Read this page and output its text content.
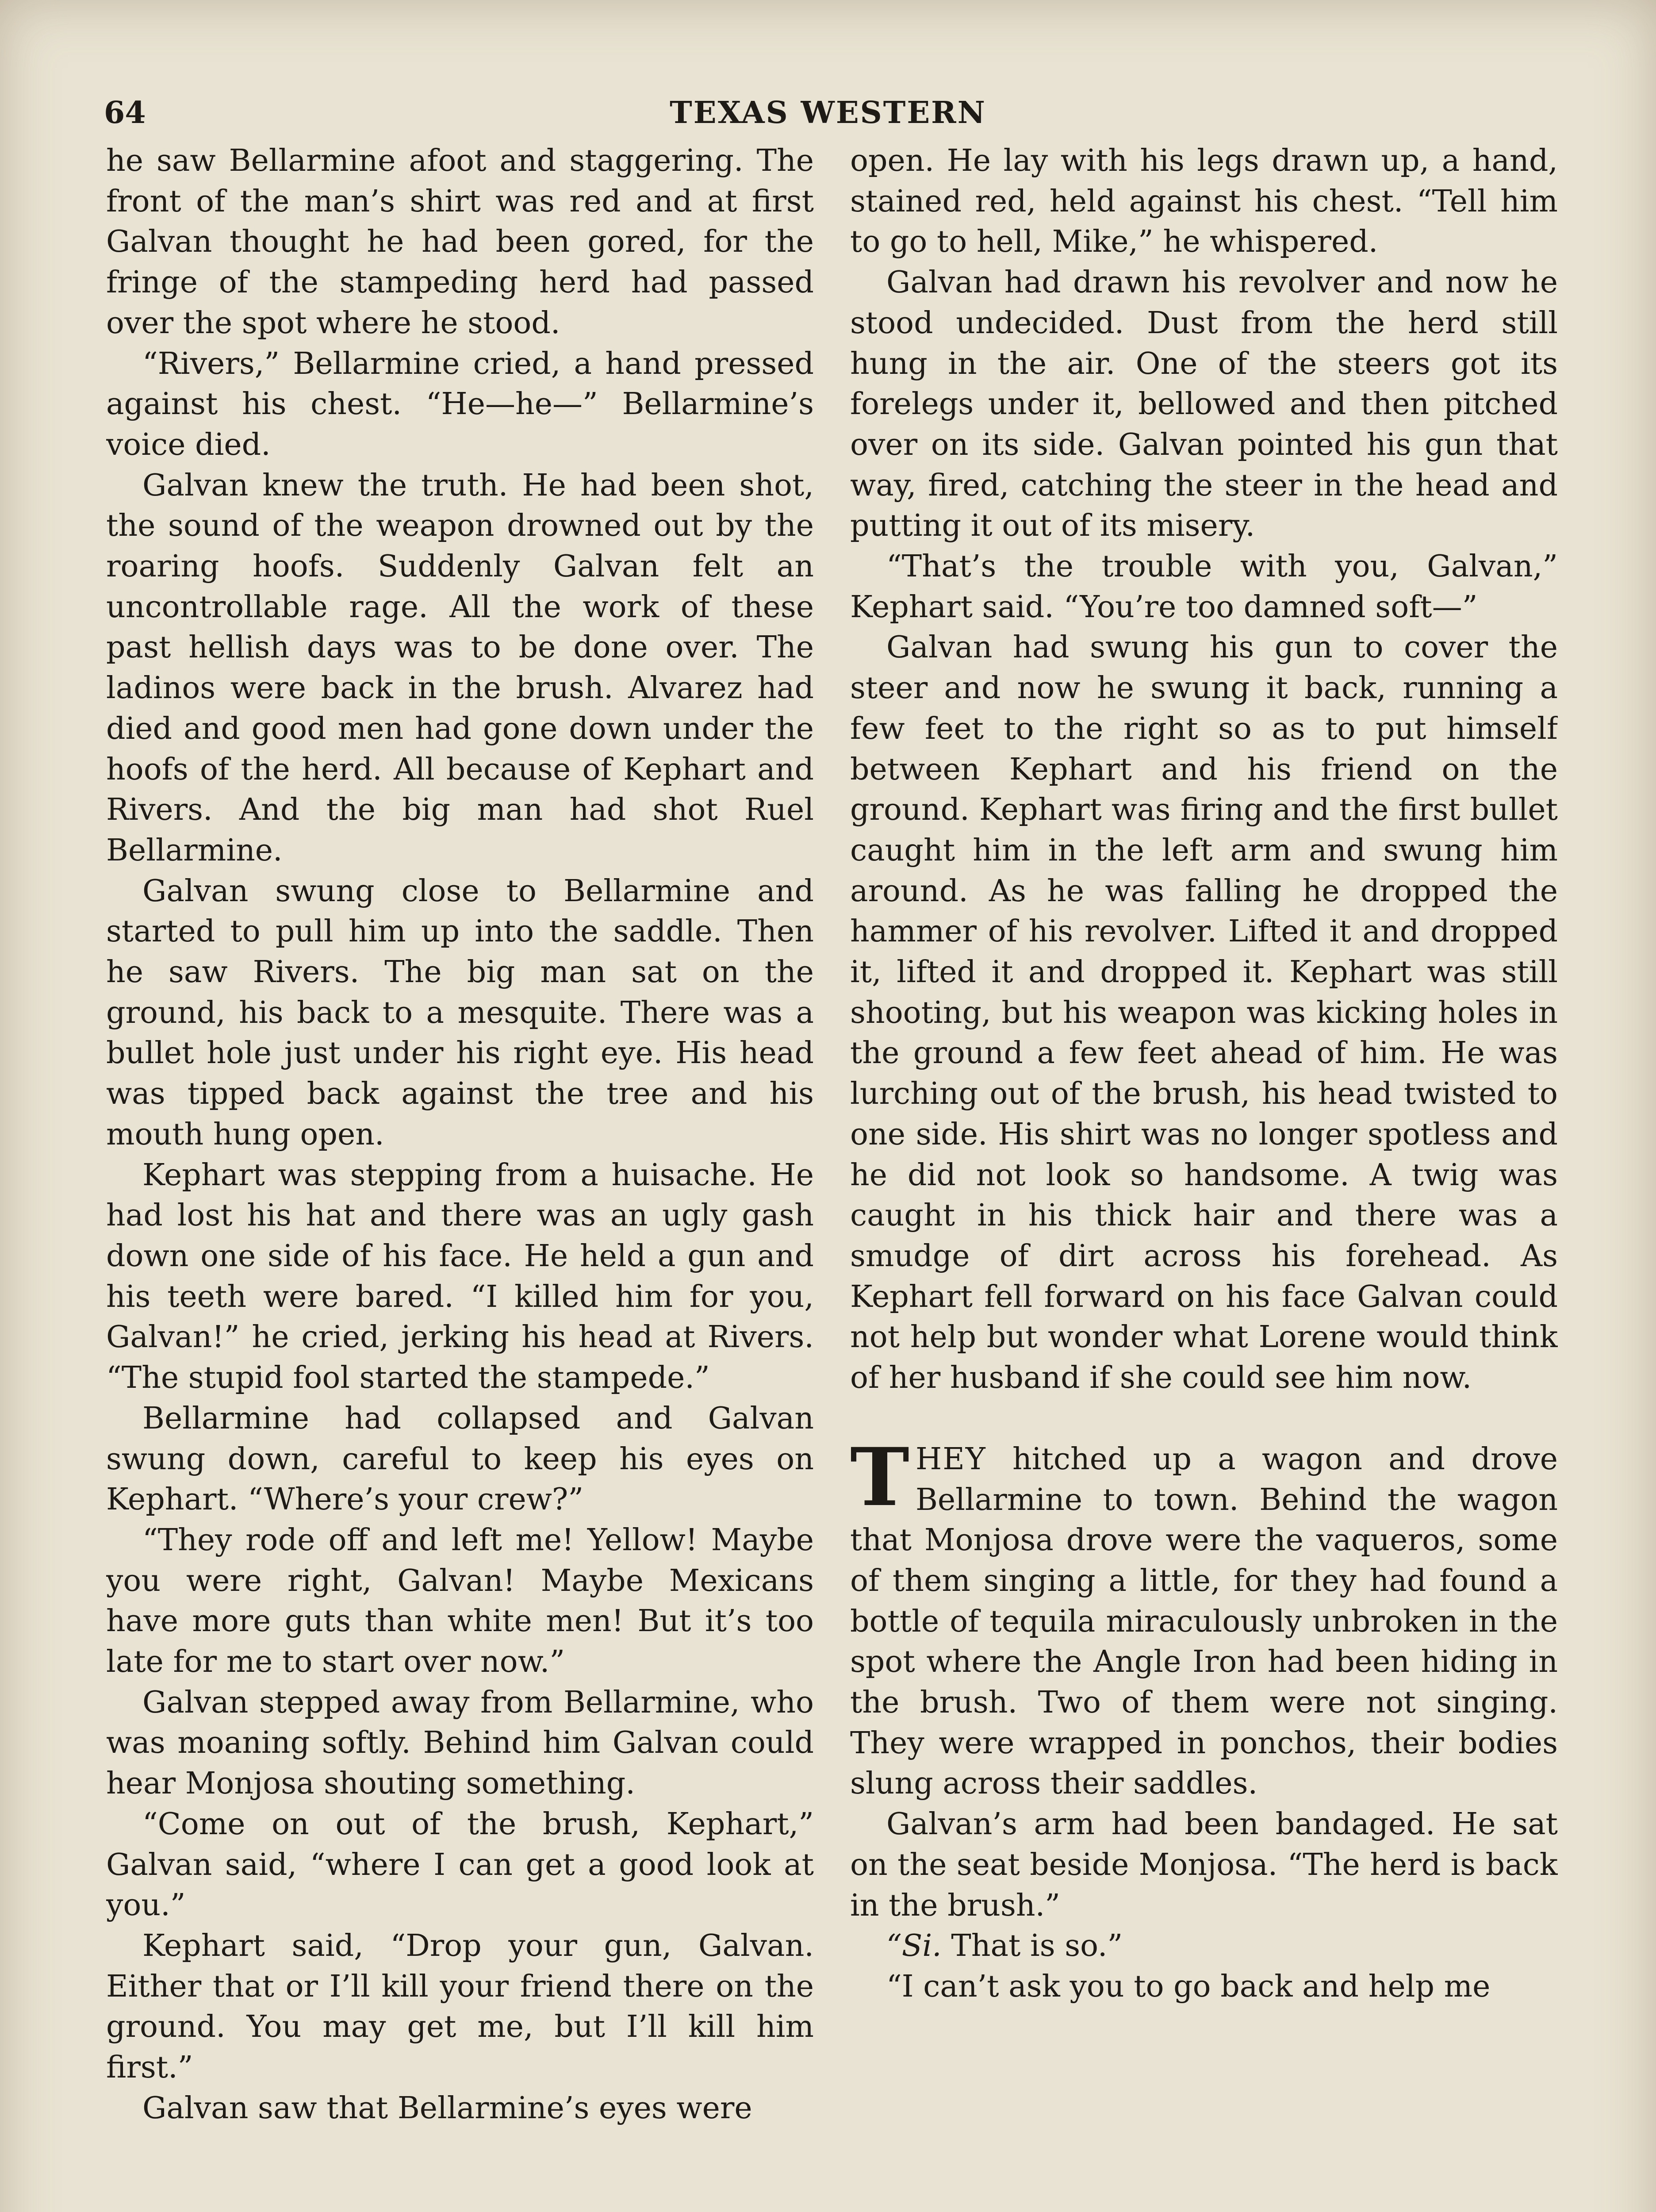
64	TEXAS WESTERN

he saw Bellarmine afoot and staggering. The front of the man’s shirt was red and at first Galvan thought he had been gored, for the fringe of the stampeding herd had passed over the spot where he stood.

“Rivers,” Bellarmine cried, a hand pressed against his chest. “He—he—” Bellarmine’s voice died.

Galvan knew the truth. He had been shot, the sound of the weapon drowned out by the roaring hoofs. Suddenly Galvan felt an uncontrollable rage. All the work of these past hellish days was to be done over. The ladinos were back in the brush. Alvarez had died and good men had gone down under the hoofs of the herd. All because of Kephart and Rivers. And the big man had shot Ruel Bellarmine.

Galvan swung close to Bellarmine and started to pull him up into the saddle. Then he saw Rivers. The big man sat on the ground, his back to a mesquite. There was a bullet hole just under his right eye. His head was tipped back against the tree and his mouth hung open.

Kephart was stepping from a huisache. He had lost his hat and there was an ugly gash down one side of his face. He held a gun and his teeth were bared. “I killed him for you, Galvan!” he cried, jerking his head at Rivers. “The stupid fool started the stampede.”

Bellarmine had collapsed and Galvan swung down, careful to keep his eyes on Kephart. “Where’s your crew?”

“They rode off and left me! Yellow! Maybe you were right, Galvan! Maybe Mexicans have more guts than white men! But it’s too late for me to start over now.”

Galvan stepped away from Bellarmine, who was moaning softly. Behind him Galvan could hear Monjosa shouting something.

“Come on out of the brush, Kephart,” Galvan said, “where I can get a good look at you.”

Kephart said, “Drop your gun, Galvan. Either that or I’ll kill your friend there on the ground. You may get me, but I’ll kill him first.”

Galvan saw that Bellarmine’s eyes were

open. He lay with his legs drawn up, a hand, stained red, held against his chest. “Tell him to go to hell, Mike,” he whispered.

Galvan had drawn his revolver and now he stood undecided. Dust from the herd still hung in the air. One of the steers got its forelegs under it, bellowed and then pitched over on its side. Galvan pointed his gun that way, fired, catching the steer in the head and putting it out of its misery.

“That’s the trouble with you, Galvan,” Kephart said. “You’re too damned soft—”

Galvan had swung his gun to cover the steer and now he swung it back, running a few feet to the right so as to put himself between Kephart and his friend on the ground. Kephart was firing and the first bullet caught him in the left arm and swung him around. As he was falling he dropped the hammer of his revolver. Lifted it and dropped it, lifted it and dropped it. Kephart was still shooting, but his weapon was kicking holes in the ground a few feet ahead of him. He was lurching out of the brush, his head twisted to one side. His shirt was no longer spotless and he did not look so handsome. A twig was caught in his thick hair and there was a smudge of dirt across his forehead. As Kephart fell forward on his face Galvan could not help but wonder what Lorene would think of her husband if she could see him now.

THEY hitched up a wagon and drove Bellarmine to town. Behind the wagon that Monjosa drove were the vaqueros, some of them singing a little, for they had found a bottle of tequila miraculously unbroken in the spot where the Angle Iron had been hiding in the brush. Two of them were not singing. They were wrapped in ponchos, their bodies slung across their saddles.

Galvan’s arm had been bandaged. He sat on the seat beside Monjosa. “The herd is back in the brush.”

“Si. That is so.”

“I can’t ask you to go back and help me
